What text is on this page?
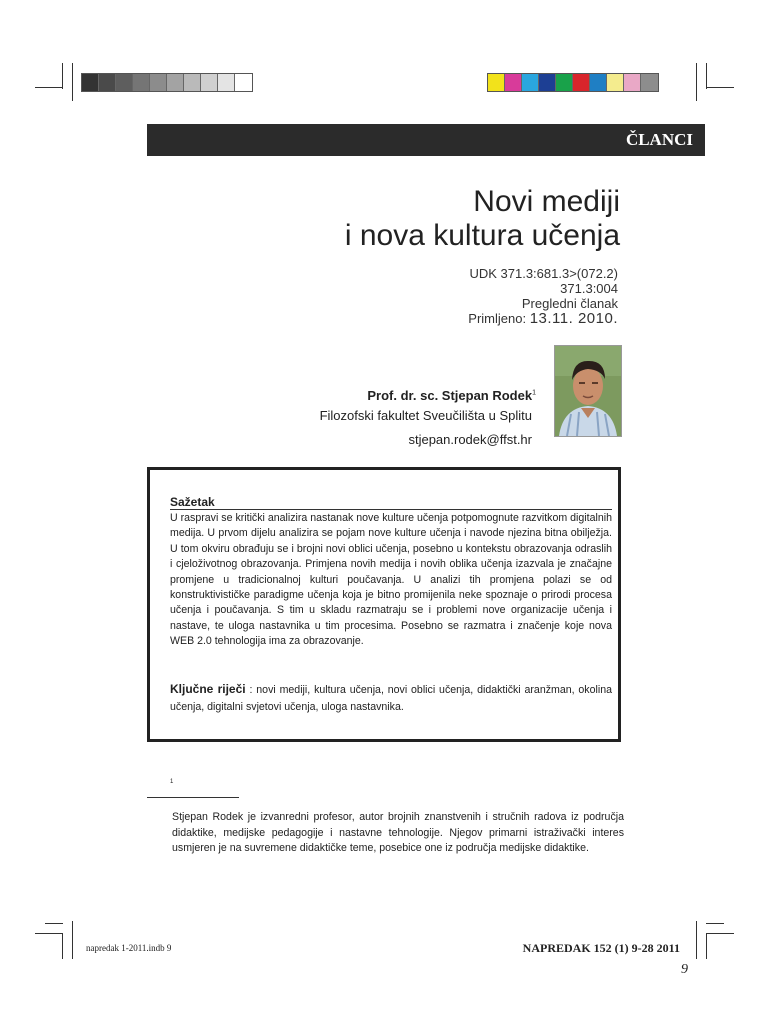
ČLANCI
Novi mediji
i nova kultura učenja
UDK 371.3:681.3>(072.2)
371.3:004
Pregledni članak
Primljeno: 13.11. 2010.
Prof. dr. sc. Stjepan Rodek$^1$
Filozofski fakultet Sveučilišta u Splitu
stjepan.rodek@ffst.hr
Sažetak
U raspravi se kritički analizira nastanak nove kulture učenja potpomognute razvitkom digitalnih medija. U prvom dijelu analizira se pojam nove kulture učenja i navode njezina bitna obilježja. U tom okviru obrađuju se i brojni novi oblici učenja, posebno u kontekstu obrazovanja odraslih i cjeloživotnog obrazovanja. Primjena novih medija i novih oblika učenja izazvala je značajne promjene u tradicionalnoj kulturi poučavanja. U analizi tih promjena polazi se od konstruktivističke paradigme učenja koja je bitno promijenila neke spoznaje o prirodi procesa učenja i poučavanja. S tim u skladu razmatraju se i problemi nove organizacije učenja i nastave, te uloga nastavnika u tim procesima. Posebno se razmatra i značenje koje nova WEB 2.0 tehnologija ima za obrazovanje.
Ključne riječi : novi mediji, kultura učenja, novi oblici učenja, didaktički aranžman, okolina učenja, digitalni svjetovi učenja, uloga nastavnika.
1
Stjepan Rodek je izvanredni profesor, autor brojnih znanstvenih i stručnih radova iz područja didaktike, medijske pedagogije i nastavne tehnologije. Njegov primarni istraživački interes usmjeren je na suvremene didaktičke teme, posebice one iz područja medijske didaktike.
napredak 1-2011.indb 9	NAPREDAK 152 (1) 9-28 2011
9
